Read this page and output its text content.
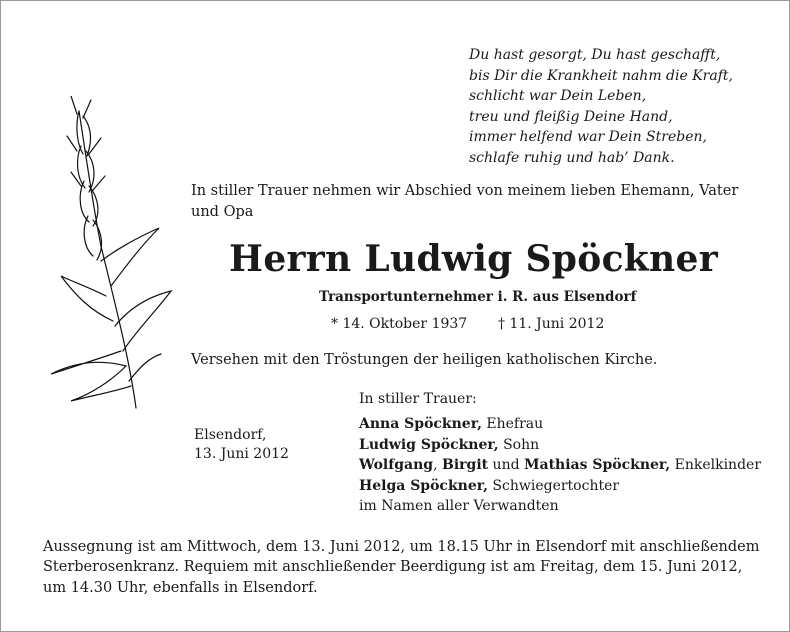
Du hast gesorgt, Du hast geschafft,
bis Dir die Krankheit nahm die Kraft,
schlicht war Dein Leben,
treu und fleißig Deine Hand,
immer helfend war Dein Streben,
schlafe ruhig und hab’ Dank.
In stiller Trauer nehmen wir Abschied von meinem lieben Ehemann, Vater und Opa
Herrn Ludwig Spöckner
Transportunternehmer i. R. aus Elsendorf
* 14. Oktober 1937 † 11. Juni 2012
Versehen mit den Tröstungen der heiligen katholischen Kirche.
Elsendorf,
13. Juni 2012
In stiller Trauer:
Anna Spöckner, Ehefrau
Ludwig Spöckner, Sohn
Wolfgang, Birgit und Mathias Spöckner, Enkelkinder
Helga Spöckner, Schwiegertochter
im Namen aller Verwandten
Aussegnung ist am Mittwoch, dem 13. Juni 2012, um 18.15 Uhr in Elsendorf mit anschließendem Sterberosenkranz. Requiem mit anschließender Beerdigung ist am Freitag, dem 15. Juni 2012, um 14.30 Uhr, ebenfalls in Elsendorf.
